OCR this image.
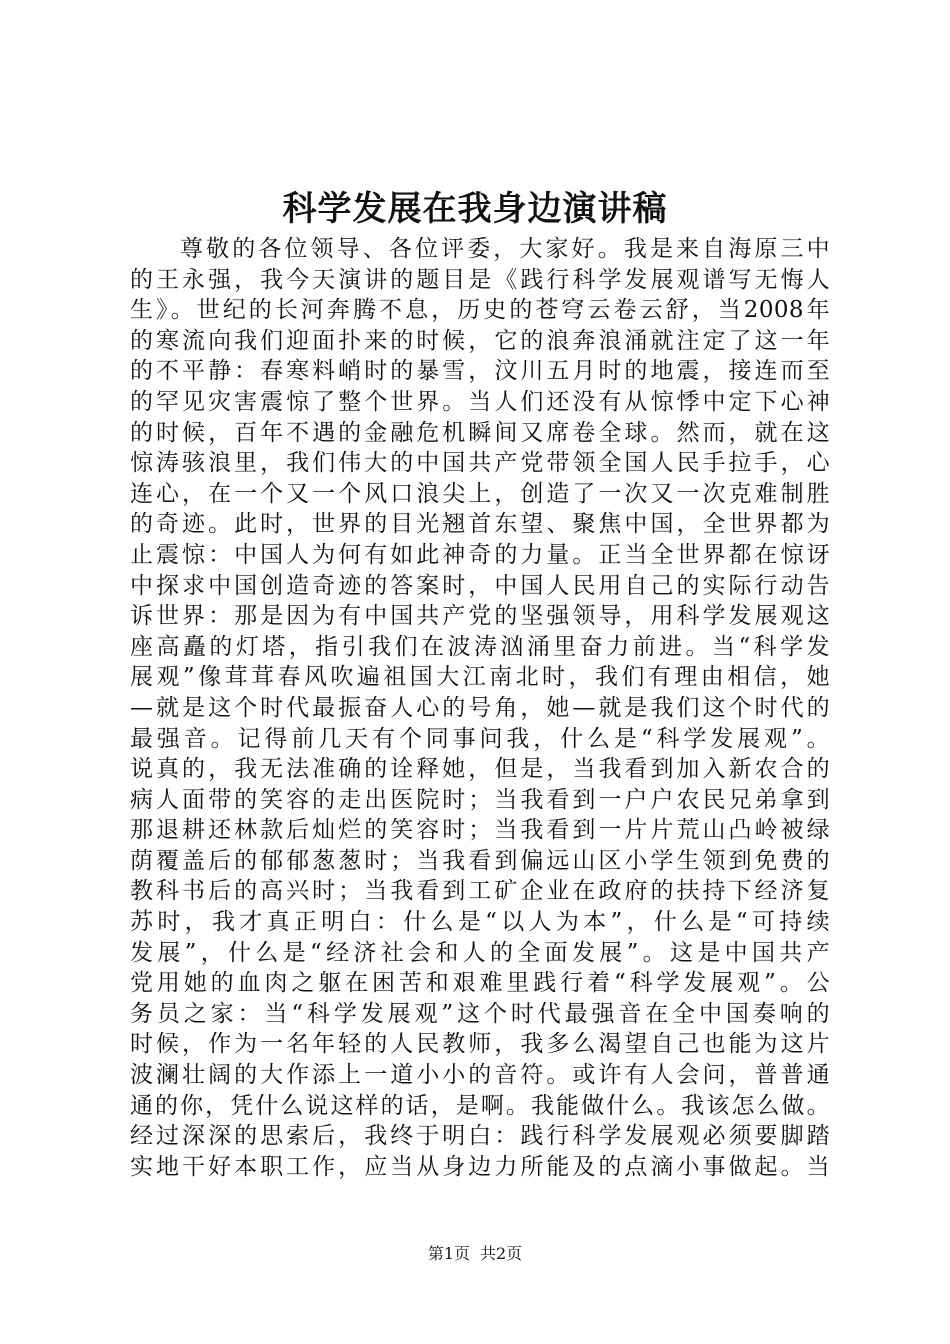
科学发展在我身边演讲稿
尊敬的各位领导、各位评委，大家好。我是来自海原三中
的王永强，我今天演讲的题目是《践行科学发展观谱写无悔人
生》。世纪的长河奔腾不息，历史的苍穹云卷云舒，当2008年
的寒流向我们迎面扑来的时候，它的浪奔浪涌就注定了这一年
的不平静：春寒料峭时的暴雪，汶川五月时的地震，接连而至
的罕见灾害震惊了整个世界。当人们还没有从惊悸中定下心神
的时候，百年不遇的金融危机瞬间又席卷全球。然而，就在这
惊涛骇浪里，我们伟大的中国共产党带领全国人民手拉手，心
连心，在一个又一个风口浪尖上，创造了一次又一次克难制胜
的奇迹。此时，世界的目光翘首东望、聚焦中国，全世界都为
止震惊：中国人为何有如此神奇的力量。正当全世界都在惊讶
中探求中国创造奇迹的答案时，中国人民用自己的实际行动告
诉世界：那是因为有中国共产党的坚强领导，用科学发展观这
座高矗的灯塔，指引我们在波涛汹涌里奋力前进。当“科学发
展观”像茸茸春风吹遍祖国大江南北时，我们有理由相信，她
—就是这个时代最振奋人心的号角，她—就是我们这个时代的
最强音。记得前几天有个同事问我，什么是“科学发展观”。
说真的，我无法准确的诠释她，但是，当我看到加入新农合的
病人面带的笑容的走出医院时；当我看到一户户农民兄弟拿到
那退耕还林款后灿烂的笑容时；当我看到一片片荒山凸岭被绿
荫覆盖后的郁郁葱葱时；当我看到偏远山区小学生领到免费的
教科书后的高兴时；当我看到工矿企业在政府的扶持下经济复
苏时，我才真正明白：什么是“以人为本”，什么是“可持续
发展”，什么是“经济社会和人的全面发展”。这是中国共产
党用她的血肉之躯在困苦和艰难里践行着“科学发展观”。公
务员之家：当“科学发展观”这个时代最强音在全中国奏响的
时候，作为一名年轻的人民教师，我多么渴望自己也能为这片
波澜壮阔的大作添上一道小小的音符。或许有人会问，普普通
通的你，凭什么说这样的话，是啊。我能做什么。我该怎么做。
经过深深的思索后，我终于明白：践行科学发展观必须要脚踏
实地干好本职工作，应当从身边力所能及的点滴小事做起。当
第1页 共2页
